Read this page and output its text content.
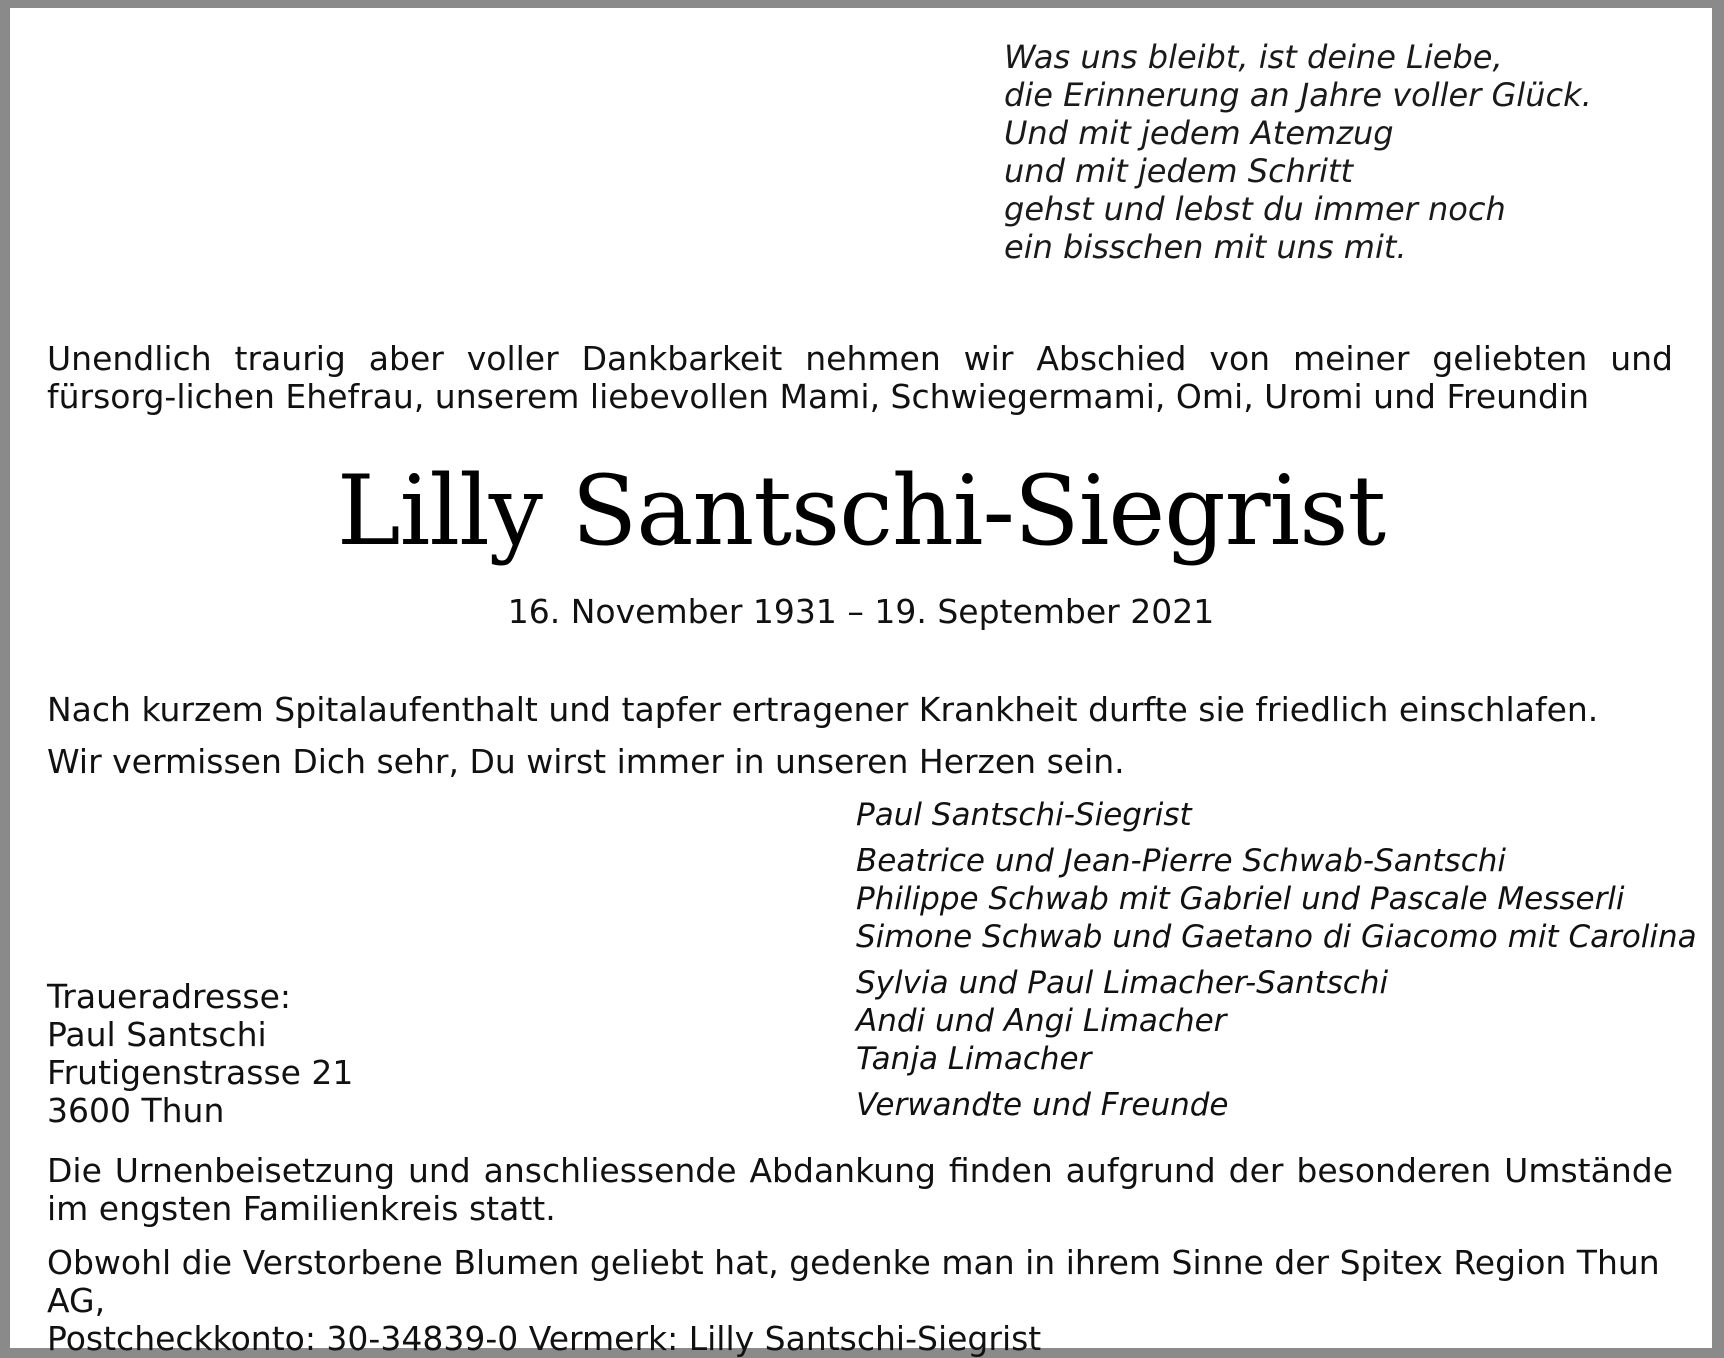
Was uns bleibt, ist deine Liebe,
die Erinnerung an Jahre voller Glück.
Und mit jedem Atemzug
und mit jedem Schritt
gehst und lebst du immer noch
ein bisschen mit uns mit.
Unendlich traurig aber voller Dankbarkeit nehmen wir Abschied von meiner geliebten und fürsorg-lichen Ehefrau, unserem liebevollen Mami, Schwiegermami, Omi, Uromi und Freundin
Lilly Santschi-Siegrist
16. November 1931 – 19. September 2021
Nach kurzem Spitalaufenthalt und tapfer ertragener Krankheit durfte sie friedlich einschlafen.
Wir vermissen Dich sehr, Du wirst immer in unseren Herzen sein.
Paul Santschi-Siegrist
Beatrice und Jean-Pierre Schwab-Santschi
Philippe Schwab mit Gabriel und Pascale Messerli
Simone Schwab und Gaetano di Giacomo mit Carolina
Sylvia und Paul Limacher-Santschi
Andi und Angi Limacher
Tanja Limacher
Verwandte und Freunde
Traueradresse:
Paul Santschi
Frutigenstrasse 21
3600 Thun
Die Urnenbeisetzung und anschliessende Abdankung finden aufgrund der besonderen Umstände im engsten Familienkreis statt.
Obwohl die Verstorbene Blumen geliebt hat, gedenke man in ihrem Sinne der Spitex Region Thun AG,
Postcheckkonto: 30-34839-0 Vermerk: Lilly Santschi-Siegrist
